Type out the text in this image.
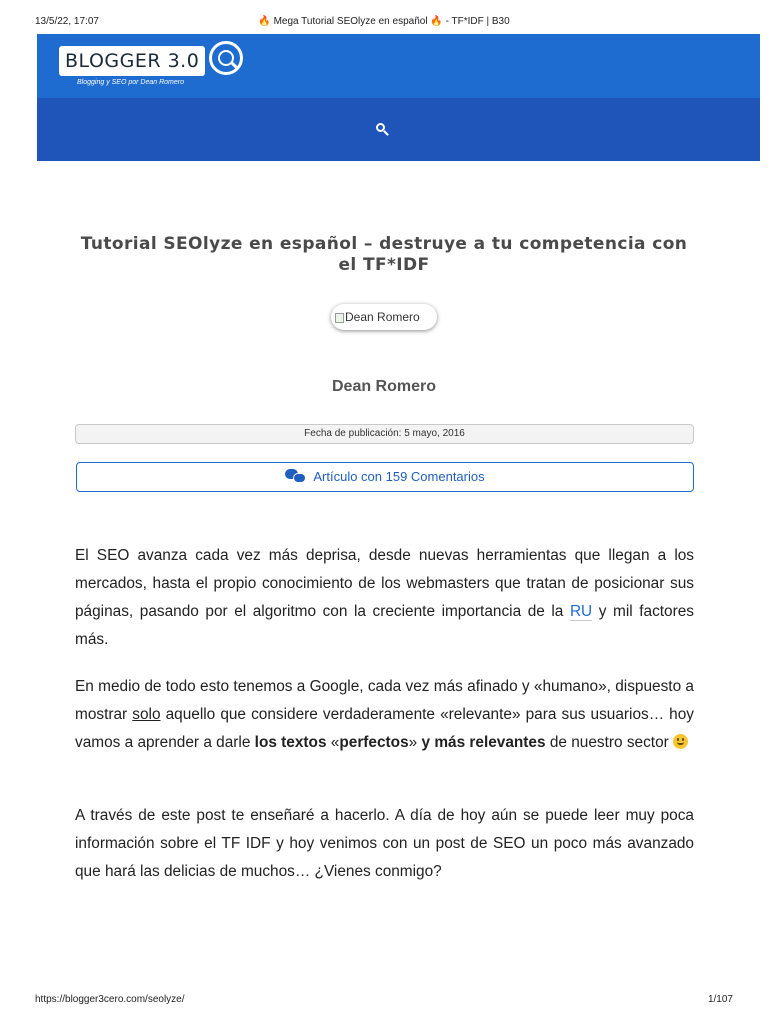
13/5/22, 17:07	🔥 Mega Tutorial SEOlyze en español 🔥 - TF*IDF | B30
BLOGGER 3.0
Blogging y SEO por Dean Romero
Tutorial SEOlyze en español – destruye a tu competencia con el TF*IDF
Dean Romero
Dean Romero
Fecha de publicación: 5 mayo, 2016
Artículo con 159 Comentarios

El SEO avanza cada vez más deprisa, desde nuevas herramientas que llegan a los mercados, hasta el propio conocimiento de los webmasters que tratan de posicionar sus páginas, pasando por el algoritmo con la creciente importancia de la RU y mil factores más.

En medio de todo esto tenemos a Google, cada vez más afinado y «humano», dispuesto a mostrar solo aquello que considere verdaderamente «relevante» para sus usuarios… hoy vamos a aprender a darle los textos «perfectos» y más relevantes de nuestro sector

A través de este post te enseñaré a hacerlo. A día de hoy aún se puede leer muy poca información sobre el TF IDF y hoy venimos con un post de SEO un poco más avanzado que hará las delicias de muchos… ¿Vienes conmigo?

https://blogger3cero.com/seolyze/	1/107
